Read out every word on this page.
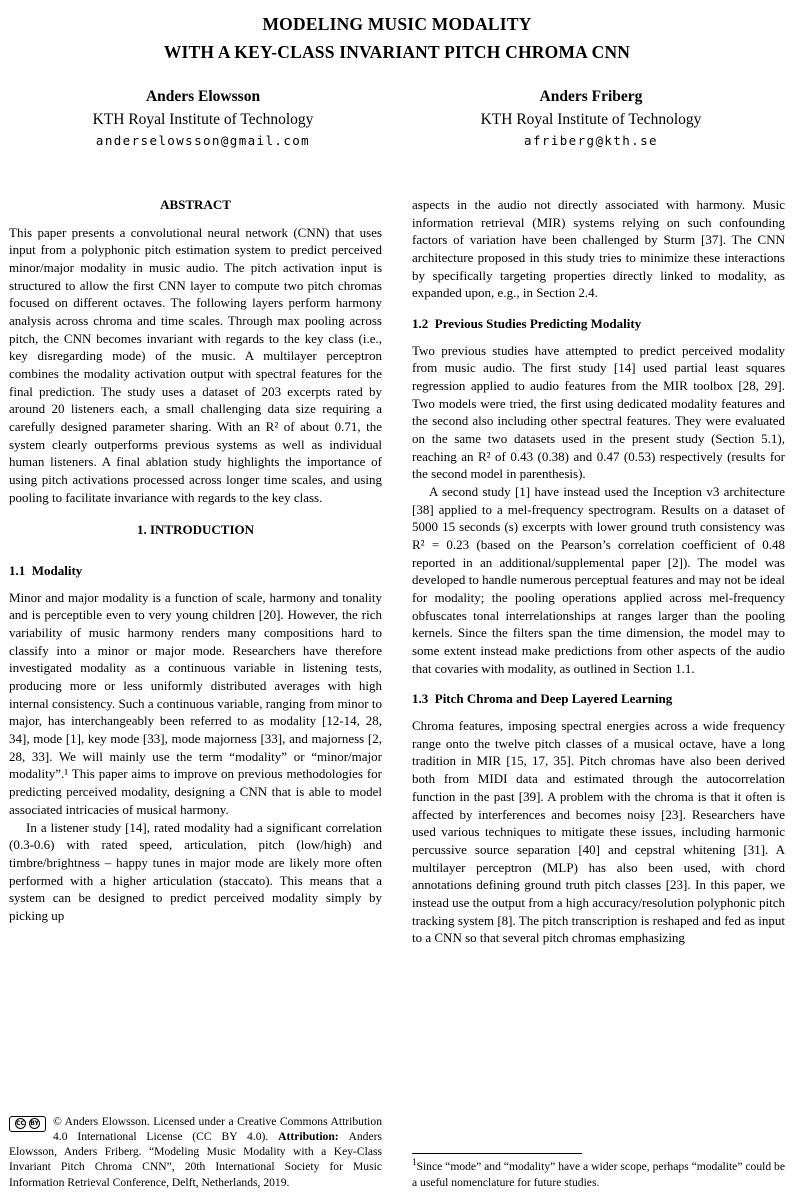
MODELING MUSIC MODALITY
WITH A KEY-CLASS INVARIANT PITCH CHROMA CNN
Anders Elowsson
KTH Royal Institute of Technology
anderselowsson@gmail.com
Anders Friberg
KTH Royal Institute of Technology
afriberg@kth.se
ABSTRACT

This paper presents a convolutional neural network (CNN) that uses input from a polyphonic pitch estimation system to predict perceived minor/major modality in music audio. The pitch activation input is structured to allow the first CNN layer to compute two pitch chromas focused on different octaves. The following layers perform harmony analysis across chroma and time scales. Through max pooling across pitch, the CNN becomes invariant with regards to the key class (i.e., key disregarding mode) of the music. A multilayer perceptron combines the modality activation output with spectral features for the final prediction. The study uses a dataset of 203 excerpts rated by around 20 listeners each, a small challenging data size requiring a carefully designed parameter sharing. With an R² of about 0.71, the system clearly outperforms previous systems as well as individual human listeners. A final ablation study highlights the importance of using pitch activations processed across longer time scales, and using pooling to facilitate invariance with regards to the key class.

1. INTRODUCTION
1.1  Modality

Minor and major modality is a function of scale, harmony and tonality and is perceptible even to very young children [20]. However, the rich variability of music harmony renders many compositions hard to classify into a minor or major mode. Researchers have therefore investigated modality as a continuous variable in listening tests, producing more or less uniformly distributed averages with high internal consistency. Such a continuous variable, ranging from minor to major, has interchangeably been referred to as modality [12-14, 28, 34], mode [1], key mode [33], mode majorness [33], and majorness [2, 28, 33]. We will mainly use the term “modality” or “minor/major modality”.¹ This paper aims to improve on previous methodologies for predicting perceived modality, designing a CNN that is able to model associated intricacies of musical harmony.

In a listener study [14], rated modality had a significant correlation (0.3-0.6) with rated speed, articulation, pitch (low/high) and timbre/brightness – happy tunes in major mode are likely more often performed with a higher articulation (staccato). This means that a system can be designed to predict perceived modality simply by picking up

CC BY © Anders Elowsson. Licensed under a Creative Commons Attribution 4.0 International License (CC BY 4.0). Attribution: Anders Elowsson, Anders Friberg. “Modeling Music Modality with a Key-Class Invariant Pitch Chroma CNN”, 20th International Society for Music Information Retrieval Conference, Delft, Netherlands, 2019.

aspects in the audio not directly associated with harmony. Music information retrieval (MIR) systems relying on such confounding factors of variation have been challenged by Sturm [37]. The CNN architecture proposed in this study tries to minimize these interactions by specifically targeting properties directly linked to modality, as expanded upon, e.g., in Section 2.4.

1.2  Previous Studies Predicting Modality

Two previous studies have attempted to predict perceived modality from music audio. The first study [14] used partial least squares regression applied to audio features from the MIR toolbox [28, 29]. Two models were tried, the first using dedicated modality features and the second also including other spectral features. They were evaluated on the same two datasets used in the present study (Section 5.1), reaching an R² of 0.43 (0.38) and 0.47 (0.53) respectively (results for the second model in parenthesis).

A second study [1] have instead used the Inception v3 architecture [38] applied to a mel-frequency spectrogram. Results on a dataset of 5000 15 seconds (s) excerpts with lower ground truth consistency was R² = 0.23 (based on the Pearson’s correlation coefficient of 0.48 reported in an additional/supplemental paper [2]). The model was developed to handle numerous perceptual features and may not be ideal for modality; the pooling operations applied across mel-frequency obfuscates tonal interrelationships at ranges larger than the pooling kernels. Since the filters span the time dimension, the model may to some extent instead make predictions from other aspects of the audio that covaries with modality, as outlined in Section 1.1.

1.3  Pitch Chroma and Deep Layered Learning

Chroma features, imposing spectral energies across a wide frequency range onto the twelve pitch classes of a musical octave, have a long tradition in MIR [15, 17, 35]. Pitch chromas have also been derived both from MIDI data and estimated through the autocorrelation function in the past [39]. A problem with the chroma is that it often is affected by interferences and becomes noisy [23]. Researchers have used various techniques to mitigate these issues, including harmonic percussive source separation [40] and cepstral whitening [31]. A multilayer perceptron (MLP) has also been used, with chord annotations defining ground truth pitch classes [23]. In this paper, we instead use the output from a high accuracy/resolution polyphonic pitch tracking system [8]. The pitch transcription is reshaped and fed as input to a CNN so that several pitch chromas emphasizing

$^1$Since “mode” and “modality” have a wider scope, perhaps “modalite” could be a useful nomenclature for future studies.
